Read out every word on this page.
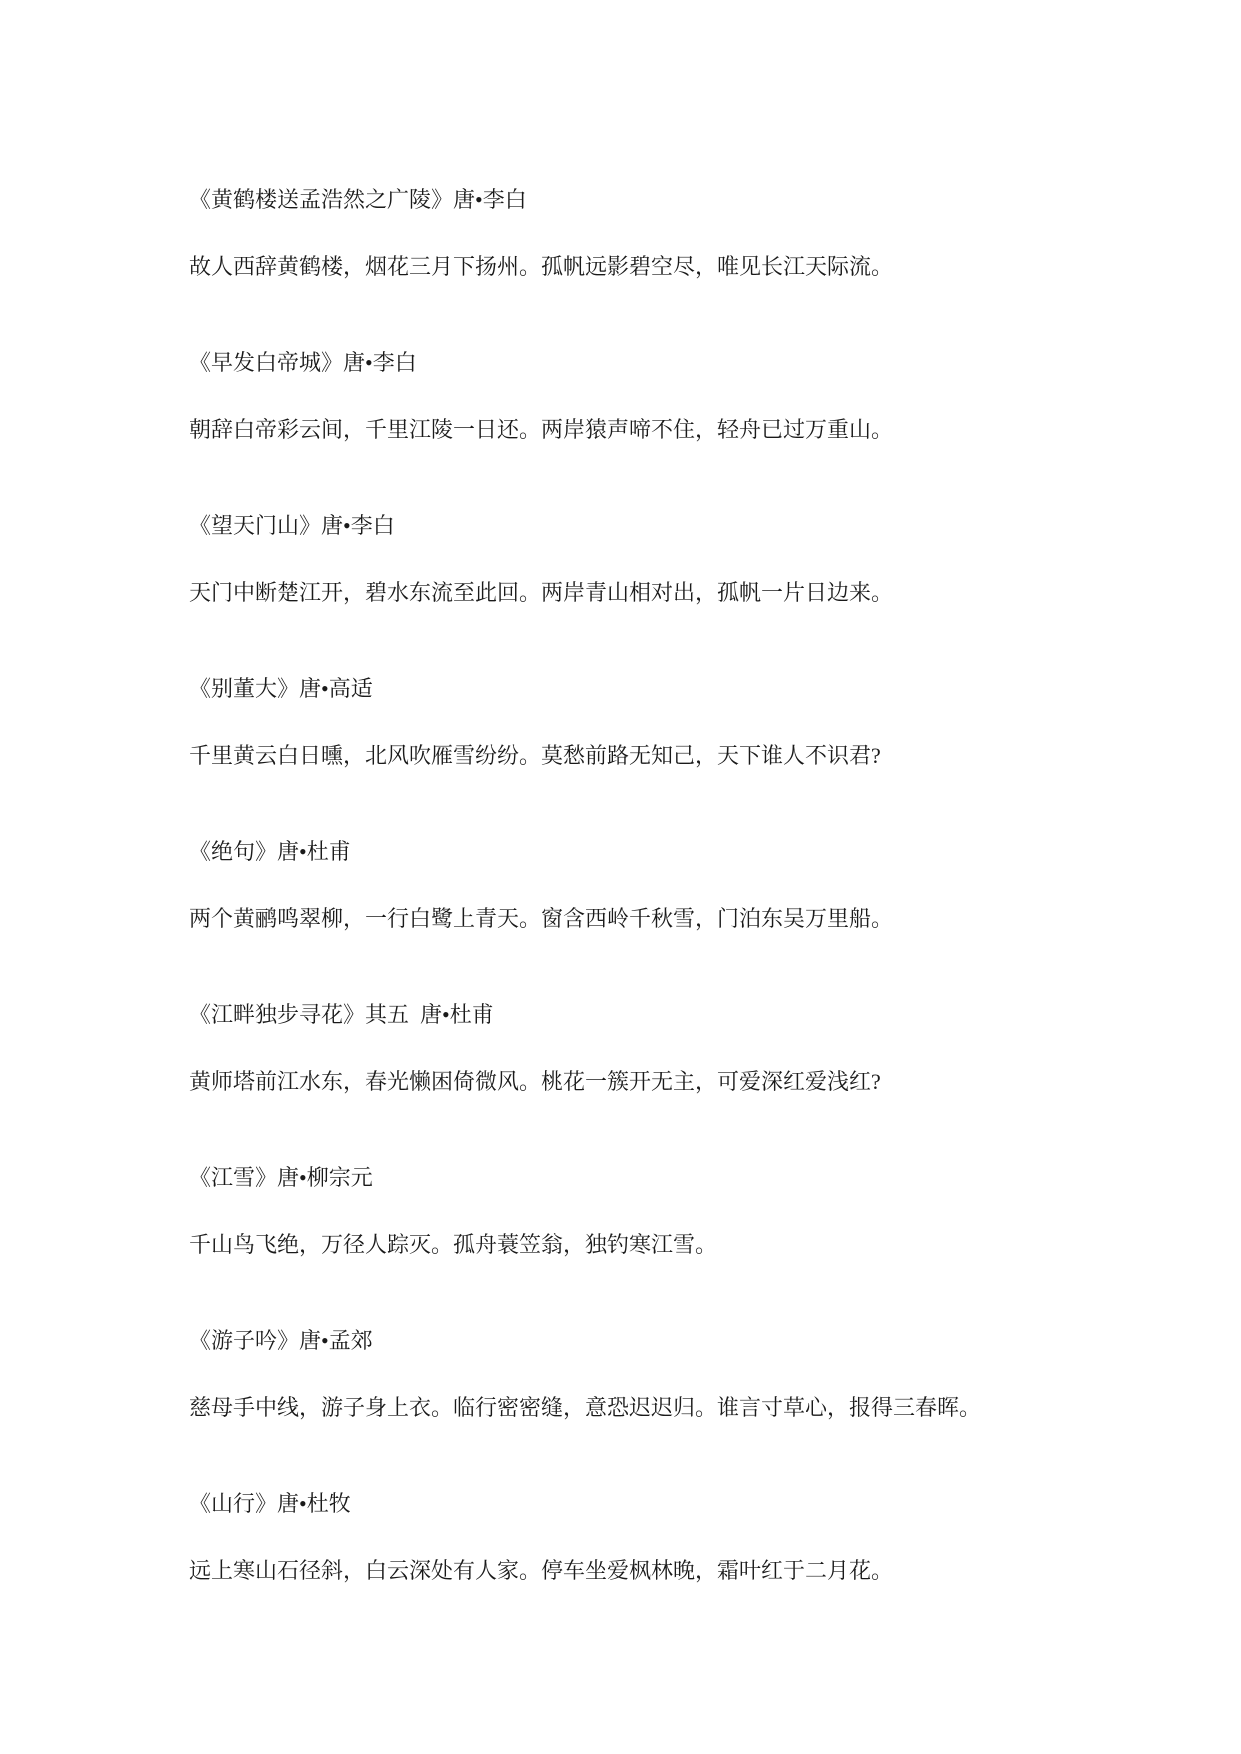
《黄鹤楼送孟浩然之广陵》唐•李白
故人西辞黄鹤楼，烟花三月下扬州。孤帆远影碧空尽，唯见长江天际流。
《早发白帝城》唐•李白
朝辞白帝彩云间，千里江陵一日还。两岸猿声啼不住，轻舟已过万重山。
《望天门山》唐•李白
天门中断楚江开，碧水东流至此回。两岸青山相对出，孤帆一片日边来。
《别董大》唐•高适
千里黄云白日曛，北风吹雁雪纷纷。莫愁前路无知己，天下谁人不识君?
《绝句》唐•杜甫
两个黄鹂鸣翠柳，一行白鹭上青天。窗含西岭千秋雪，门泊东吴万里船。
《江畔独步寻花》其五  唐•杜甫
黄师塔前江水东，春光懒困倚微风。桃花一簇开无主，可爱深红爱浅红?
《江雪》唐•柳宗元
千山鸟飞绝，万径人踪灭。孤舟蓑笠翁，独钓寒江雪。
《游子吟》唐•孟郊
慈母手中线，游子身上衣。临行密密缝，意恐迟迟归。谁言寸草心，报得三春晖。
《山行》唐•杜牧
远上寒山石径斜，白云深处有人家。停车坐爱枫林晚，霜叶红于二月花。
